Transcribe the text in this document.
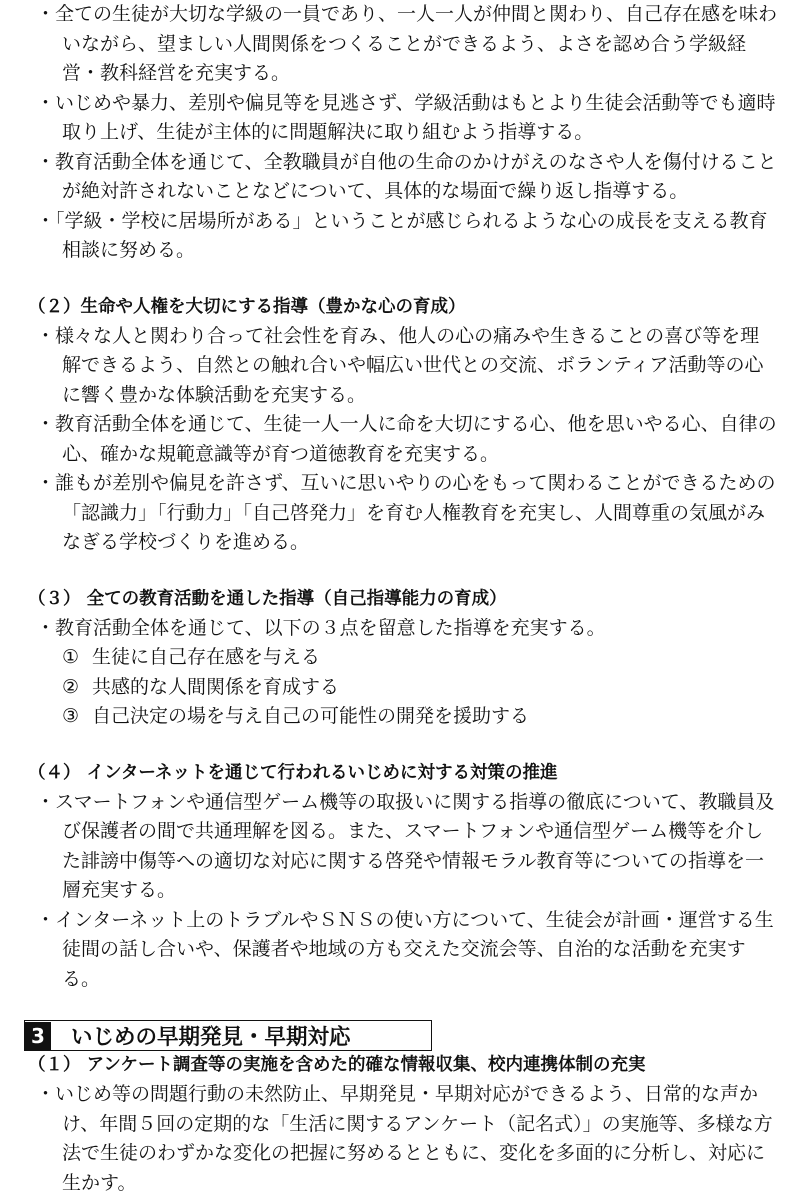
・全ての生徒が大切な学級の一員であり、一人一人が仲間と関わり、自己存在感を味わいながら、望ましい人間関係をつくることができるよう、よさを認め合う学級経営・教科経営を充実する。

・いじめや暴力、差別や偏見等を見逃さず、学級活動はもとより生徒会活動等でも適時取り上げ、生徒が主体的に問題解決に取り組むよう指導する。

・教育活動全体を通じて、全教職員が自他の生命のかけがえのなさや人を傷付けることが絶対許されないことなどについて、具体的な場面で繰り返し指導する。

・「学級・学校に居場所がある」ということが感じられるような心の成長を支える教育相談に努める。

（２）生命や人権を大切にする指導（豊かな心の育成）

・様々な人と関わり合って社会性を育み、他人の心の痛みや生きることの喜び等を理解できるよう、自然との触れ合いや幅広い世代との交流、ボランティア活動等の心に響く豊かな体験活動を充実する。

・教育活動全体を通じて、生徒一人一人に命を大切にする心、他を思いやる心、自律の心、確かな規範意識等が育つ道徳教育を充実する。

・誰もが差別や偏見を許さず、互いに思いやりの心をもって関わることができるための「認識力」「行動力」「自己啓発力」を育む人権教育を充実し、人間尊重の気風がみなぎる学校づくりを進める。

（３） 全ての教育活動を通した指導（自己指導能力の育成）

・教育活動全体を通じて、以下の３点を留意した指導を充実する。

① 生徒に自己存在感を与える

② 共感的な人間関係を育成する

③ 自己決定の場を与え自己の可能性の開発を援助する

（４） インターネットを通じて行われるいじめに対する対策の推進

・スマートフォンや通信型ゲーム機等の取扱いに関する指導の徹底について、教職員及び保護者の間で共通理解を図る。また、スマートフォンや通信型ゲーム機等を介した誹謗中傷等への適切な対応に関する啓発や情報モラル教育等についての指導を一層充実する。

・インターネット上のトラブルやＳＮＳの使い方について、生徒会が計画・運営する生徒間の話し合いや、保護者や地域の方も交えた交流会等、自治的な活動を充実する。

3	いじめの早期発見・早期対応

（１） アンケート調査等の実施を含めた的確な情報収集、校内連携体制の充実

・いじめ等の問題行動の未然防止、早期発見・早期対応ができるよう、日常的な声かけ、年間５回の定期的な「生活に関するアンケート（記名式）」の実施等、多様な方法で生徒のわずかな変化の把握に努めるとともに、変化を多面的に分析し、対応に生かす。
